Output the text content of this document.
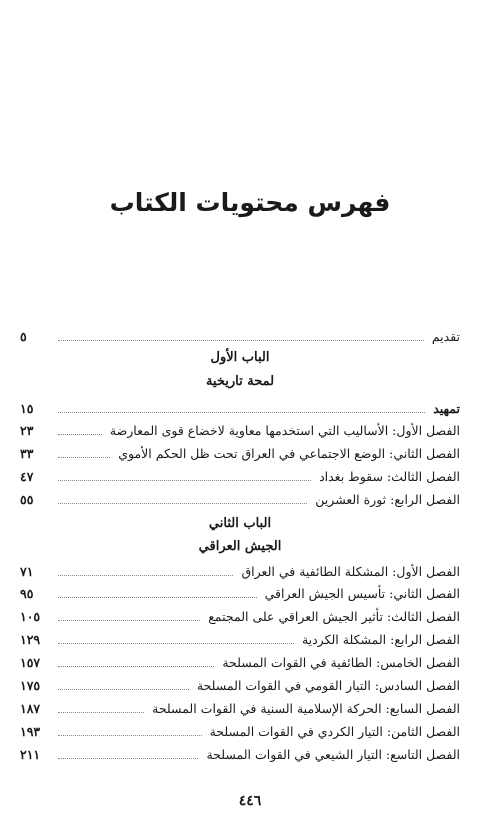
فهرس محتويات الكتاب
تقديم
٥
الباب الأول
لمحة تاريخية
تمهيد
١٥
الفصل الأول: الأساليب التي استخدمها معاوية لاخضاع قوى المعارضة
٢٣
الفصل الثاني: الوضع الاجتماعي في العراق تحت ظل الحكم الأموي
٣٣
الفصل الثالث: سقوط بغداد
٤٧
الفصل الرابع: ثورة العشرين
٥٥
الباب الثاني
الجيش العراقي
الفصل الأول: المشكلة الطائفية في العراق
٧١
الفصل الثاني: تأسيس الجيش العراقي
٩٥
الفصل الثالث: تأثير الجيش العراقي على المجتمع
١٠٥
الفصل الرابع: المشكلة الكردية
١٢٩
الفصل الخامس: الطائفية في القوات المسلحة
١٥٧
الفصل السادس: التيار القومي في القوات المسلحة
١٧٥
الفصل السابع: الحركة الإسلامية السنية في القوات المسلحة
١٨٧
الفصل الثامن: التيار الكردي في القوات المسلحة
١٩٣
الفصل التاسع: التيار الشيعي في القوات المسلحة
٢١١
٤٤٦
